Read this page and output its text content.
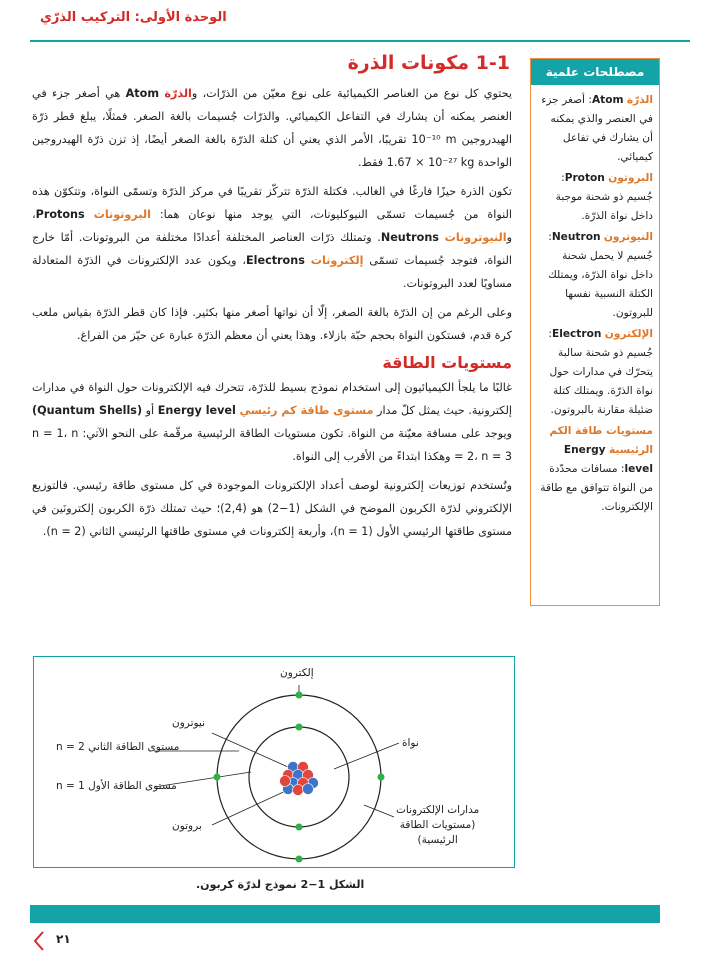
الوحدة الأولى: التركيب الذرّي
1-1 مكونات الذرة

يحتوي كل نوع من العناصر الكيميائية على نوع معيّن من الذرّات، والذرّة Atom هي أصغر جزء في العنصر يمكنه أن يشارك في التفاعل الكيميائي. والذرّات جُسيمات بالغة الصغر. فمثلًا، يبلغ قطر ذرّة الهيدروجين ‎10⁻¹⁰ m‎ تقريبًا، الأمر الذي يعني أن كتلة الذرّة بالغة الصغر أيضًا، إذ تزن ذرّة الهيدروجين الواحدة ‎1.67 × 10⁻²⁷ kg‎ فقط.

تكون الذرة حيزًا فارغًا في الغالب. فكتلة الذرّة تتركّز تقريبًا في مركز الذرّة وتسمّى النواة، وتتكوّن هذه النواة من جُسيمات تسمّى النيوكليونات، التي يوجد منها نوعان هما: البروتونات Protons، والنيوترونات Neutrons. وتمتلك ذرّات العناصر المختلفة أعدادًا مختلفة من البروتونات. أمّا خارج النواة، فتوجد جُسيمات تسمّى إلكترونات Electrons، ويكون عدد الإلكترونات في الذرّة المتعادلة مساويًا لعدد البروتونات.

وعلى الرغم من إن الذرّة بالغة الصغر، إلّا أن نواتها أصغر منها بكثير. فإذا كان قطر الذرّة بقياس ملعب كرة قدم، فستكون النواة بحجم حبّة بازلاء. وهذا يعني أن معظم الذرّة عبارة عن حيّز من الفراغ.

مستويات الطاقة

غالبًا ما يلجأ الكيميائيون إلى استخدام نموذج بسيط للذرّة، تتحرك فيه الإلكترونات حول النواة في مدارات إلكترونية. حيث يمثل كلّ مدار مستوى طاقة كم رئيسي Energy level أو (Quantum Shells) ويوجد على مسافة معيّنة من النواة. تكون مستويات الطاقة الرئيسية مرقّمة على النحو الآتي: ‎n = 1، n = 2، n = 3‎ وهكذا ابتداءً من الأقرب إلى النواة.

وتُستخدم توزيعات إلكترونية لوصف أعداد الإلكترونات الموجودة في كل مستوى طاقة رئيسي. فالتوزيع الإلكتروني لذرّة الكربون الموضح في الشكل (1−2) هو (2,4)؛ حيث تمتلك ذرّة الكربون إلكترونَين في مستوى طاقتها الرئيسي الأول (n = 1)، وأربعة إلكترونات في مستوى طاقتها الرئيسي الثاني (n = 2).

مصطلحات علمية
الذرّة Atom: أصغر جزء في العنصر والذي يمكنه أن يشارك في تفاعل كيميائي.
البروتون Proton: جُسيم ذو شحنة موجبة داخل نواة الذرّة.
النيوترون Neutron: جُسيم لا يحمل شحنة داخل نواة الذرّة، ويمتلك الكتلة النسبية نفسها للبروتون.
الإلكترون Electron: جُسيم ذو شحنة سالبة يتحرّك في مدارات حول نواة الذرّة. ويمتلك كتلة ضئيلة مقارنة بالبروتون.
مستويات طاقة الكم الرئيسية Energy level: مسافات محدّدة من النواة تتوافق مع طاقة الإلكترونات.
إلكترون
نيوترون
نواة
مستوى الطاقة الثاني n = 2
مستوى الطاقة الأول n = 1
بروتون
مدارات الإلكترونات
(مستويات الطاقة
الرئيسية)
الشكل 1−2 نموذج لذرّة كربون.
٢١
